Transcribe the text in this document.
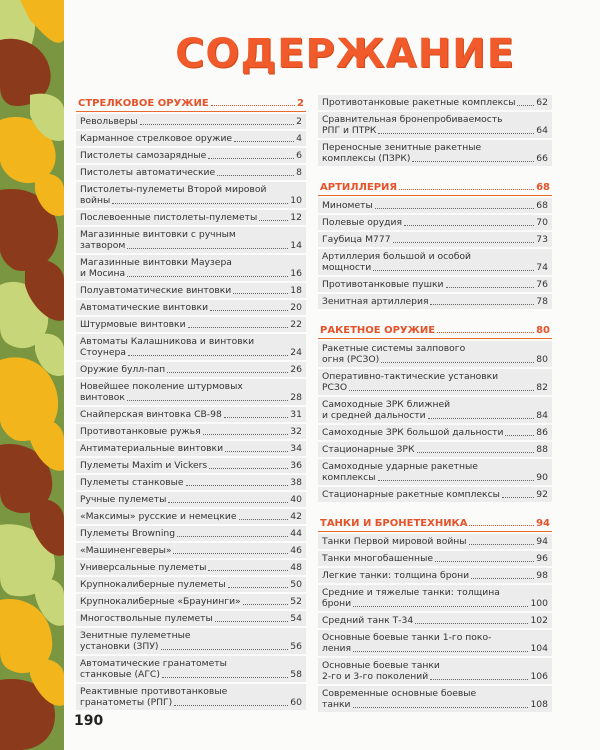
СОДЕРЖАНИЕ
СТРЕЛКОВОЕ ОРУЖИЕ	2
Револьверы	2
Карманное стрелковое оружие	4
Пистолеты самозарядные	6
Пистолеты автоматические	8
Пистолеты-пулеметы Второй мировой
войны	10
Послевоенные пистолеты-пулеметы	12
Магазинные винтовки с ручным
затвором	14
Магазинные винтовки Маузера
и Мосина	16
Полуавтоматические винтовки	18
Автоматические винтовки	20
Штурмовые винтовки	22
Автоматы Калашникова и винтовки
Стоунера	24
Оружие булл-пап	26
Новейшее поколение штурмовых
винтовок	28
Снайперская винтовка СВ-98	31
Противотанковые ружья	32
Антиматериальные винтовки	34
Пулеметы Maxim и Vickers	36
Пулеметы станковые	38
Ручные пулеметы	40
«Максимы» русские и немецкие	42
Пулеметы Browning	44
«Машиненгеверы»	46
Универсальные пулеметы	48
Крупнокалиберные пулеметы	50
Крупнокалиберные «Браунинги»	52
Многоствольные пулеметы	54
Зенитные пулеметные
установки (ЗПУ)	56
Автоматические гранатометы
станковые (АГС)	58
Реактивные противотанковые
гранатометы (РПГ)	60
Противотанковые ракетные комплексы 62
Сравнительная бронепробиваемость
РПГ и ПТРК	64
Переносные зенитные ракетные
комплексы (ПЗРК)	66
АРТИЛЛЕРИЯ	68
Минометы	68
Полевые орудия	70
Гаубица М777	73
Артиллерия большой и особой
мощности	74
Противотанковые пушки	76
Зенитная артиллерия	78
РАКЕТНОЕ ОРУЖИЕ	80
Ракетные системы залпового
огня (РСЗО)	80
Оперативно-тактические установки
РСЗО	82
Самоходные ЗРК ближней
и средней дальности	84
Самоходные ЗРК большой дальности	86
Стационарные ЗРК	88
Самоходные ударные ракетные
комплексы	90
Стационарные ракетные комплексы	92
ТАНКИ И БРОНЕТЕХНИКА	94
Танки Первой мировой войны	94
Танки многобашенные	96
Легкие танки: толщина брони	98
Средние и тяжелые танки: толщина
брони	100
Средний танк Т-34	102
Основные боевые танки 1-го поко-
ления	104
Основные боевые танки
2-го и 3-го поколений	106
Современные основные боевые
танки	108
190
